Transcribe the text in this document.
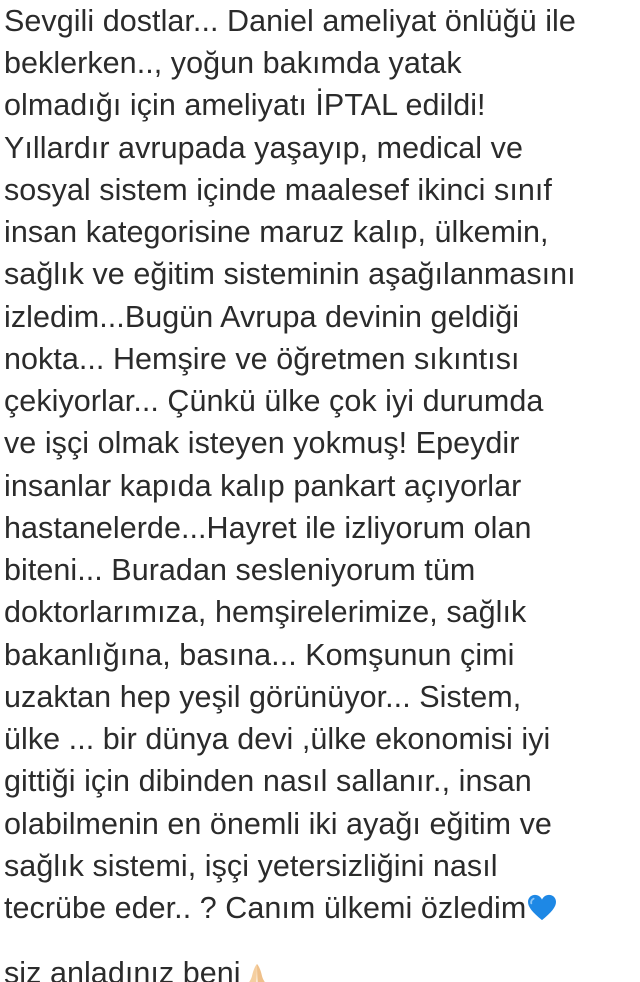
Sevgili dostlar... Daniel ameliyat önlüğü ile
beklerken.., yoğun bakımda yatak
olmadığı için ameliyatı İPTAL edildi!
Yıllardır avrupada yaşayıp, medical ve
sosyal sistem içinde maalesef ikinci sınıf
insan kategorisine maruz kalıp, ülkemin,
sağlık ve eğitim sisteminin aşağılanmasını
izledim...Bugün Avrupa devinin geldiği
nokta... Hemşire ve öğretmen sıkıntısı
çekiyorlar... Çünkü ülke çok iyi durumda
ve işçi olmak isteyen yokmuş! Epeydir
insanlar kapıda kalıp pankart açıyorlar
hastanelerde...Hayret ile izliyorum olan
biteni... Buradan sesleniyorum tüm
doktorlarımıza, hemşirelerimize, sağlık
bakanlığına, basına... Komşunun çimi
uzaktan hep yeşil görünüyor... Sistem,
ülke ... bir dünya devi ,ülke ekonomisi iyi
gittiği için dibinden nasıl sallanır., insan
olabilmenin en önemli iki ayağı eğitim ve
sağlık sistemi, işçi yetersizliğini nasıl
tecrübe eder.. ? Canım ülkemi özledim
siz anladınız beni
